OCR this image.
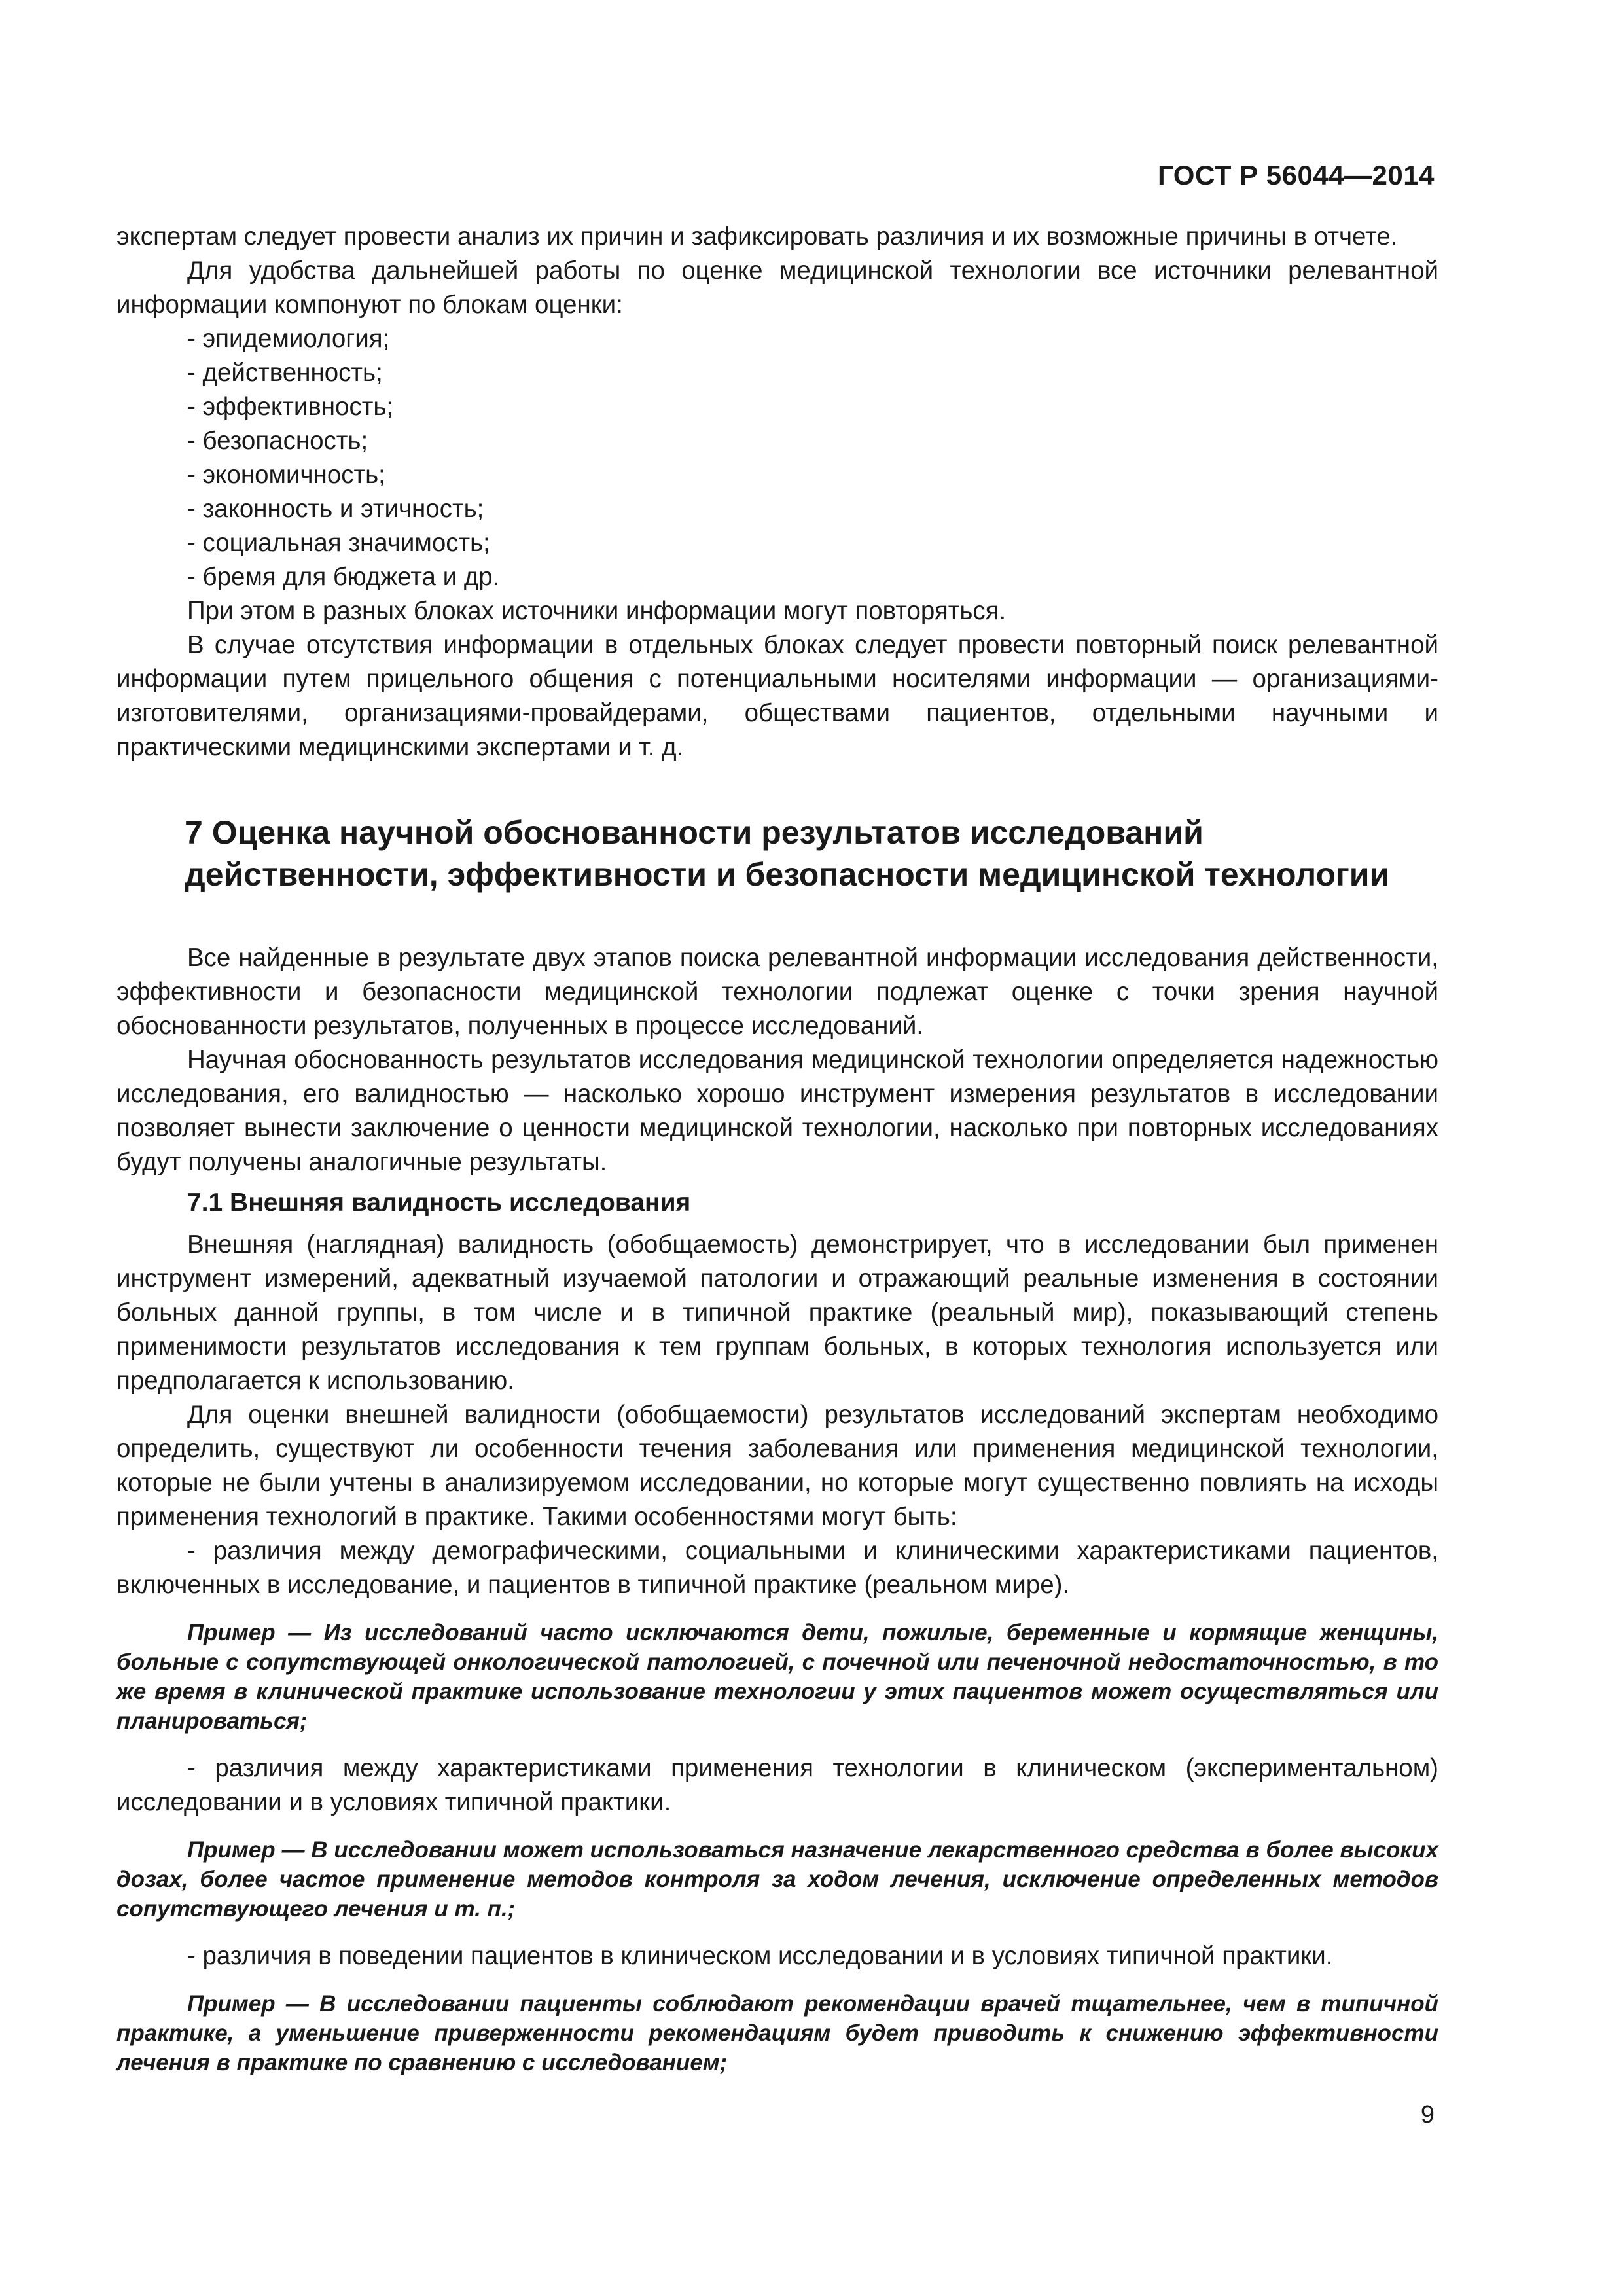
ГОСТ Р 56044—2014

экспертам следует провести анализ их причин и зафиксировать различия и их возможные причины в отчете.

Для удобства дальнейшей работы по оценке медицинской технологии все источники релевантной информации компонуют по блокам оценки:

- эпидемиология;

- действенность;

- эффективность;

- безопасность;

- экономичность;

- законность и этичность;

- социальная значимость;

- бремя для бюджета и др.

При этом в разных блоках источники информации могут повторяться.

В случае отсутствия информации в отдельных блоках следует провести повторный поиск релевантной информации путем прицельного общения с потенциальными носителями информации — организациями-изготовителями, организациями-провайдерами, обществами пациентов, отдельными научными и практическими медицинскими экспертами и т. д.

7 Оценка научной обоснованности результатов исследований
действенности, эффективности и безопасности медицинской технологии

Все найденные в результате двух этапов поиска релевантной информации исследования действенности, эффективности и безопасности медицинской технологии подлежат оценке с точки зрения научной обоснованности результатов, полученных в процессе исследований.

Научная обоснованность результатов исследования медицинской технологии определяется надежностью исследования, его валидностью — насколько хорошо инструмент измерения результатов в исследовании позволяет вынести заключение о ценности медицинской технологии, насколько при повторных исследованиях будут получены аналогичные результаты.

7.1 Внешняя валидность исследования

Внешняя (наглядная) валидность (обобщаемость) демонстрирует, что в исследовании был применен инструмент измерений, адекватный изучаемой патологии и отражающий реальные изменения в состоянии больных данной группы, в том числе и в типичной практике (реальный мир), показывающий степень применимости результатов исследования к тем группам больных, в которых технология используется или предполагается к использованию.

Для оценки внешней валидности (обобщаемости) результатов исследований экспертам необходимо определить, существуют ли особенности течения заболевания или применения медицинской технологии, которые не были учтены в анализируемом исследовании, но которые могут существенно повлиять на исходы применения технологий в практике. Такими особенностями могут быть:

- различия между демографическими, социальными и клиническими характеристиками пациентов, включенных в исследование, и пациентов в типичной практике (реальном мире).

Пример — Из исследований часто исключаются дети, пожилые, беременные и кормящие женщины, больные с сопутствующей онкологической патологией, с почечной или печеночной недостаточностью, в то же время в клинической практике использование технологии у этих пациентов может осуществляться или планироваться;

- различия между характеристиками применения технологии в клиническом (экспериментальном) исследовании и в условиях типичной практики.

Пример — В исследовании может использоваться назначение лекарственного средства в более высоких дозах, более частое применение методов контроля за ходом лечения, исключение определенных методов сопутствующего лечения и т. п.;

- различия в поведении пациентов в клиническом исследовании и в условиях типичной практики.

Пример — В исследовании пациенты соблюдают рекомендации врачей тщательнее, чем в типичной практике, а уменьшение приверженности рекомендациям будет приводить к снижению эффективности лечения в практике по сравнению с исследованием;

9
